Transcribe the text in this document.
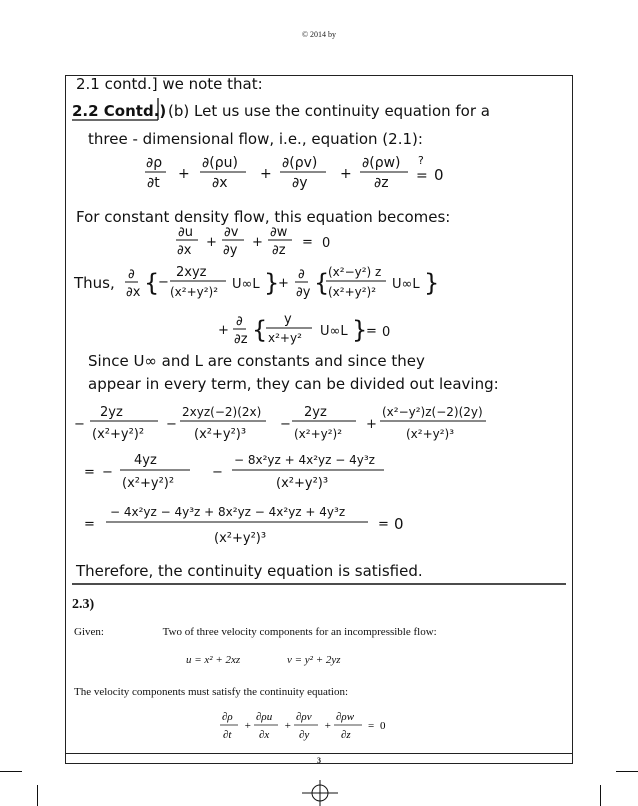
© 2014 by
2.1 contd.] we note that:
2.2 Contd.) (b) Let us use the continuity equation for a
three - dimensional flow, i.e., equation (2.1):
∂ρ
∂t
+
∂(ρu)
∂x
+
∂(ρv)
∂y
+
∂(ρw)
∂z
?
= 0
For constant density flow, this equation becomes:
∂u
∂x
+
∂v
∂y
+
∂w
∂z
= 0
Thus, ∂
∂x {
−
2xyz
(x²+y²)² U∞L }
+
∂
∂y {
(x²−y²) z
(x²+y²)² U∞L }
+
∂
∂z { y
x²+y² U∞L }
= 0
Since U∞ and L are constants and since they
appear in every term, they can be divided out leaving:
−
2yz
(x²+y²)²
−
2xyz(−2)(2x)
(x²+y²)³
−
2yz
(x²+y²)²
+
(x²−y²)z(−2)(2y)
(x²+y²)³
= −
4yz
(x²+y²)²
−
− 8x²yz + 4x²yz − 4y³z
(x²+y²)³
=
− 4x²yz − 4y³z + 8x²yz − 4x²yz + 4y³z
(x²+y²)³
= 0
Therefore, the continuity equation is satisfied.
2.3)
Given:	Two of three velocity components for an incompressible flow:
u = x² + 2xz	v = y² + 2yz
The velocity components must satisfy the continuity equation:
∂ρ
∂t
+
∂ρu
∂x
+
∂ρv
∂y
+
∂ρw
∂z
= 0
3
